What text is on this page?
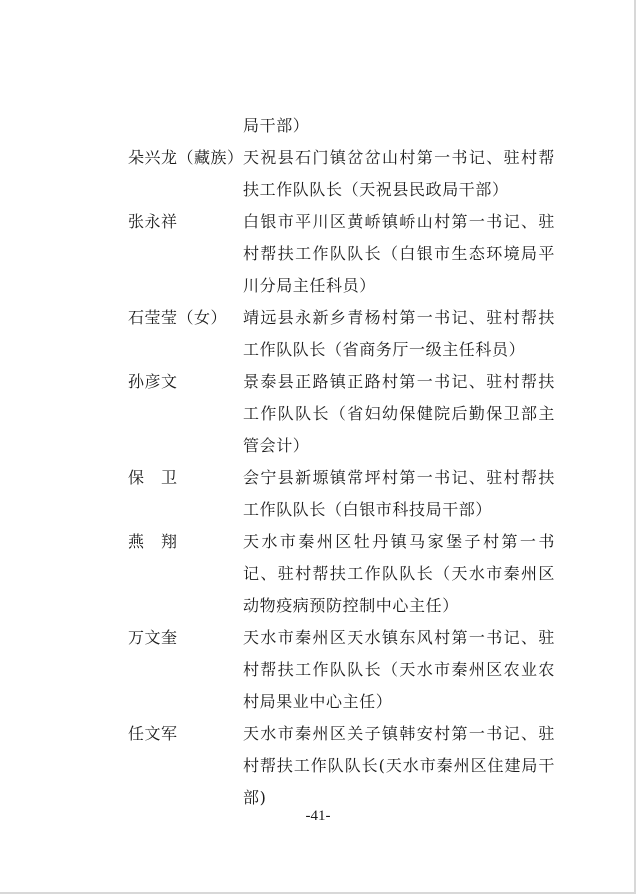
局干部）
朵兴龙（藏族） 天祝县石门镇岔岔山村第一书记、驻村帮扶工作队队长（天祝县民政局干部）
张永祥	白银市平川区黄峤镇峤山村第一书记、驻村帮扶工作队队长（白银市生态环境局平川分局主任科员）
石莹莹（女） 靖远县永新乡青杨村第一书记、驻村帮扶工作队队长（省商务厅一级主任科员）
孙彦文	景泰县正路镇正路村第一书记、驻村帮扶工作队队长（省妇幼保健院后勤保卫部主管会计）
保卫	会宁县新塬镇常坪村第一书记、驻村帮扶工作队队长（白银市科技局干部）
燕翔	天水市秦州区牡丹镇马家堡子村第一书记、驻村帮扶工作队队长（天水市秦州区动物疫病预防控制中心主任）
万文奎	天水市秦州区天水镇东风村第一书记、驻村帮扶工作队队长（天水市秦州区农业农村局果业中心主任）
任文军	天水市秦州区关子镇韩安村第一书记、驻村帮扶工作队队长(天水市秦州区住建局干部)
-41-
